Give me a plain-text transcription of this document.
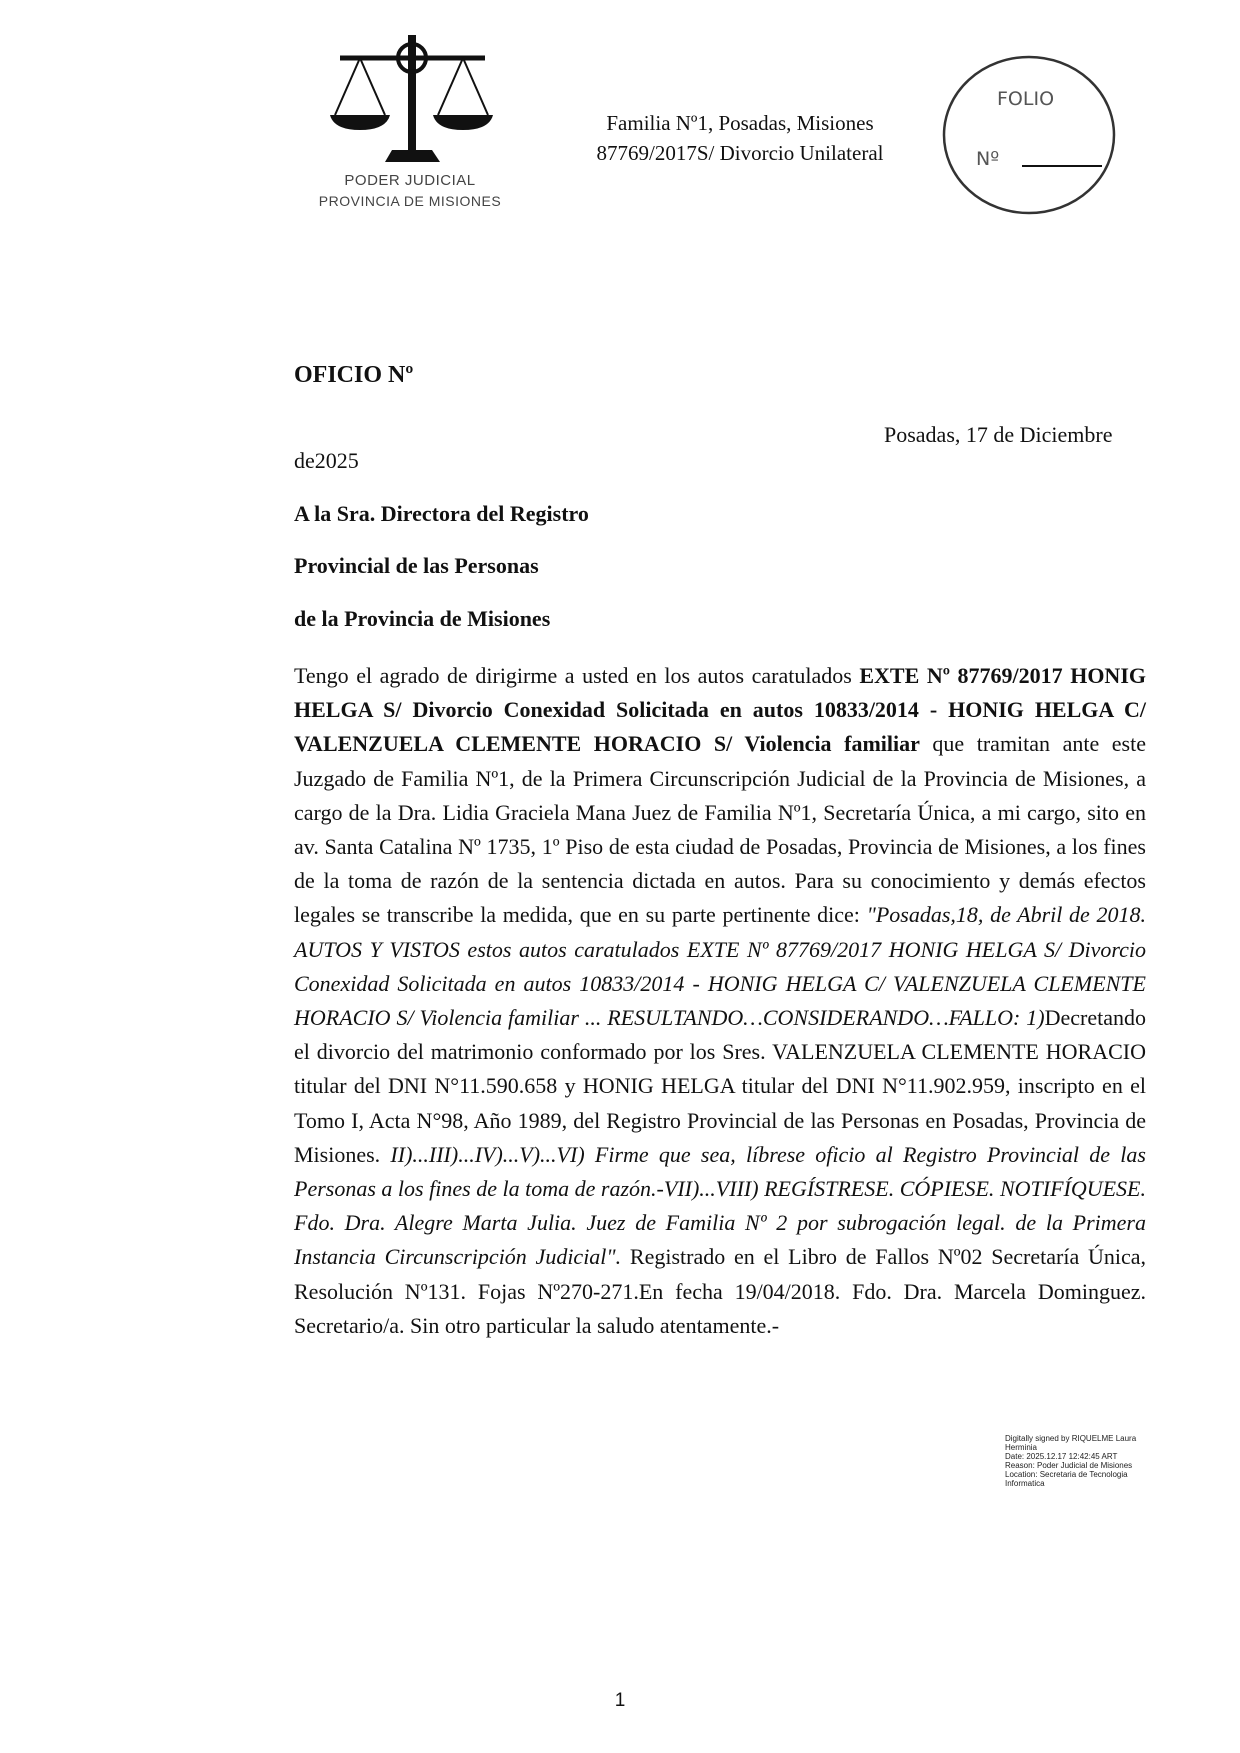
PODER JUDICIAL
PROVINCIA DE MISIONES
Familia Nº1, Posadas, Misiones
87769/2017S/ Divorcio Unilateral
FOLIO
Nº
OFICIO Nº
Posadas, 17 de Diciembre
de2025
A la Sra. Directora del Registro
Provincial de las Personas
de la Provincia de Misiones
Tengo el agrado de dirigirme a usted en los autos caratulados EXTE Nº 87769/2017 HONIG HELGA S/ Divorcio Conexidad Solicitada en autos 10833/2014 - HONIG HELGA C/ VALENZUELA CLEMENTE HORACIO S/ Violencia familiar que tramitan ante este Juzgado de Familia Nº1, de la Primera Circunscripción Judicial de la Provincia de Misiones, a cargo de la Dra. Lidia Graciela Mana Juez de Familia Nº1, Secretaría Única, a mi cargo, sito en av. Santa Catalina Nº 1735, 1º Piso de esta ciudad de Posadas, Provincia de Misiones, a los fines de la toma de razón de la sentencia dictada en autos. Para su conocimiento y demás efectos legales se transcribe la medida, que en su parte pertinente dice: "Posadas,18, de Abril de 2018. AUTOS Y VISTOS estos autos caratulados EXTE Nº 87769/2017 HONIG HELGA S/ Divorcio Conexidad Solicitada en autos 10833/2014 - HONIG HELGA C/ VALENZUELA CLEMENTE HORACIO S/ Violencia familiar ... RESULTANDO…CONSIDERANDO…FALLO: 1)Decretando el divorcio del matrimonio conformado por los Sres. VALENZUELA CLEMENTE HORACIO titular del DNI N°11.590.658 y HONIG HELGA titular del DNI N°11.902.959, inscripto en el Tomo I, Acta N°98, Año 1989, del Registro Provincial de las Personas en Posadas, Provincia de Misiones. II)...III)...IV)...V)...VI) Firme que sea, líbrese oficio al Registro Provincial de las Personas a los fines de la toma de razón.-VII)...VIII) REGÍSTRESE. CÓPIESE. NOTIFÍQUESE. Fdo. Dra. Alegre Marta Julia. Juez de Familia Nº 2 por subrogación legal. de la Primera Instancia Circunscripción Judicial". Registrado en el Libro de Fallos Nº02 Secretaría Única, Resolución Nº131. Fojas Nº270-271.En fecha 19/04/2018. Fdo. Dra. Marcela Dominguez. Secretario/a. Sin otro particular la saludo atentamente.-
Digitally signed by RIQUELME Laura
Herminia
Date: 2025.12.17 12:42:45 ART
Reason: Poder Judicial de Misiones
Location: Secretaria de Tecnologia
Informatica
1
